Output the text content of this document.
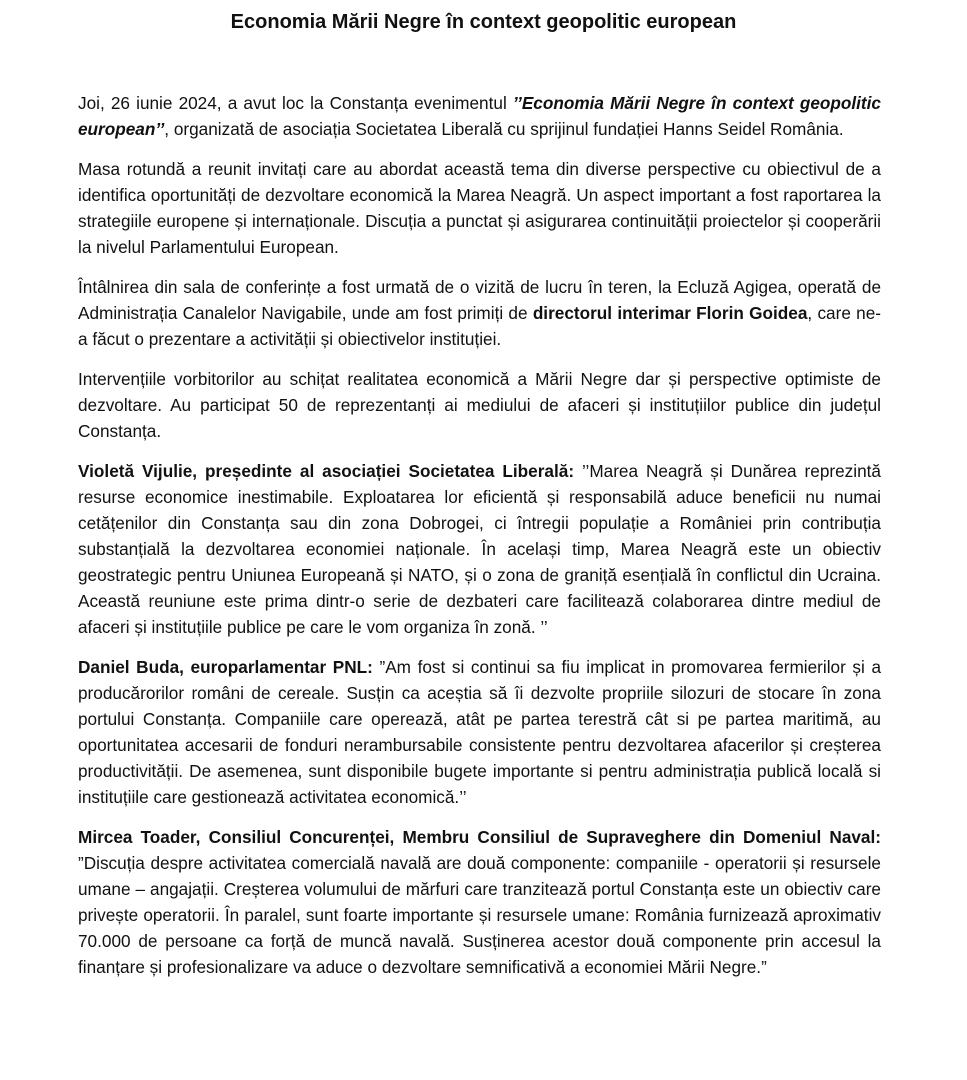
Economia Mării Negre în context geopolitic european

Joi, 26 iunie 2024, a avut loc la Constanța evenimentul ’’Economia Mării Negre în context geopolitic european’’, organizată de asociația Societatea Liberală cu sprijinul fundației Hanns Seidel România.

Masa rotundă a reunit invitați care au abordat această tema din diverse perspective cu obiectivul de a identifica oportunități de dezvoltare economică la Marea Neagră. Un aspect important a fost raportarea la strategiile europene și internaționale. Discuția a punctat și asigurarea continuității proiectelor și cooperării la nivelul Parlamentului European.

Întâlnirea din sala de conferințe a fost urmată de o vizită de lucru în teren, la Ecluză Agigea, operată de Administrația Canalelor Navigabile, unde am fost primiți de directorul interimar Florin Goidea, care ne-a făcut o prezentare a activității și obiectivelor instituției.

Intervențiile vorbitorilor au schițat realitatea economică a Mării Negre dar și perspective optimiste de dezvoltare. Au participat 50 de reprezentanți ai mediului de afaceri și instituțiilor publice din județul Constanța.

Violetă Vijulie, președinte al asociației Societatea Liberală: ’’Marea Neagră și Dunărea reprezintă resurse economice inestimabile. Exploatarea lor eficientă și responsabilă aduce beneficii nu numai cetățenilor din Constanța sau din zona Dobrogei, ci întregii populație a României prin contribuția substanțială la dezvoltarea economiei naționale. În același timp, Marea Neagră este un obiectiv geostrategic pentru Uniunea Europeană și NATO, și o zona de graniță esențială în conflictul din Ucraina. Această reuniune este prima dintr-o serie de dezbateri care facilitează colaborarea dintre mediul de afaceri și instituțiile publice pe care le vom organiza în zonă. ’’

Daniel Buda, europarlamentar PNL: ”Am fost si continui sa fiu implicat in promovarea fermierilor și a producărorilor români de cereale. Susțin ca aceștia să îi dezvolte propriile silozuri de stocare în zona portului Constanța. Companiile care operează, atât pe partea terestră cât si pe partea maritimă, au oportunitatea accesarii de fonduri nerambursabile consistente pentru dezvoltarea afacerilor și creșterea productivității. De asemenea, sunt disponibile bugete importante si pentru administrația publică locală si instituțiile care gestionează activitatea economică.’’

Mircea Toader, Consiliul Concurenței, Membru Consiliul de Supraveghere din Domeniul Naval: ”Discuția despre activitatea comercială navală are două componente: companiile - operatorii și resursele umane – angajații. Creșterea volumului de mărfuri care tranzitează portul Constanța este un obiectiv care privește operatorii. În paralel, sunt foarte importante și resursele umane: România furnizează aproximativ 70.000 de persoane ca forță de muncă navală. Susținerea acestor două componente prin accesul la finanțare și profesionalizare va aduce o dezvoltare semnificativă a economiei Mării Negre.”
